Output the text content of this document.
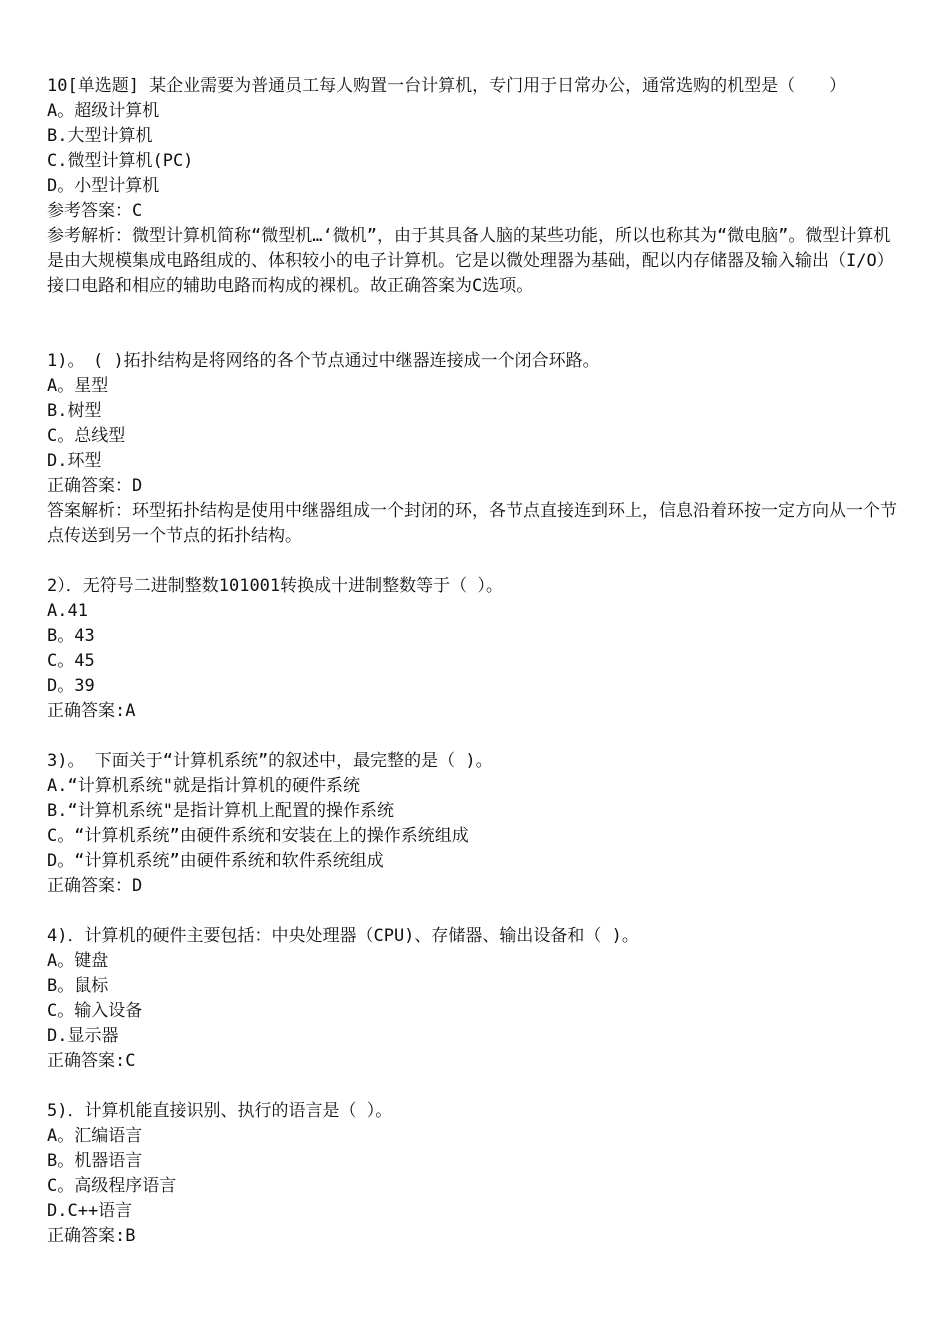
10[单选题] 某企业需要为普通员工每人购置一台计算机，专门用于日常办公，通常选购的机型是（　　）
A。超级计算机
B.大型计算机
C.微型计算机(PC)
D。小型计算机
参考答案：C
参考解析：微型计算机简称“微型机…‘微机”，由于其具备人脑的某些功能，所以也称其为“微电脑”。微型计算机是由大规模集成电路组成的、体积较小的电子计算机。它是以微处理器为基础，配以内存储器及输入输出（I/O）接口电路和相应的辅助电路而构成的裸机。故正确答案为C选项。
1)。　( )拓扑结构是将网络的各个节点通过中继器连接成一个闭合环路。
A。星型
B.树型
C。总线型
D.环型
正确答案：D
答案解析：环型拓扑结构是使用中继器组成一个封闭的环，各节点直接连到环上，信息沿着环按一定方向从一个节点传送到另一个节点的拓扑结构。
2）．无符号二进制整数101001转换成十进制整数等于（ ）。
A.41
B。43
C。45
D。39
正确答案:A
3)。 下面关于“计算机系统”的叙述中，最完整的是（ )。
A.“计算机系统"就是指计算机的硬件系统
B.“计算机系统"是指计算机上配置的操作系统
C。“计算机系统”由硬件系统和安装在上的操作系统组成
D。“计算机系统”由硬件系统和软件系统组成
正确答案：D
4)．计算机的硬件主要包括：中央处理器（CPU)、存储器、输出设备和（ )。
A。键盘
B。鼠标
C。输入设备
D.显示器
正确答案:C
5)．计算机能直接识别、执行的语言是（ ）。
A。汇编语言
B。机器语言
C。高级程序语言
D.C++语言
正确答案:B
